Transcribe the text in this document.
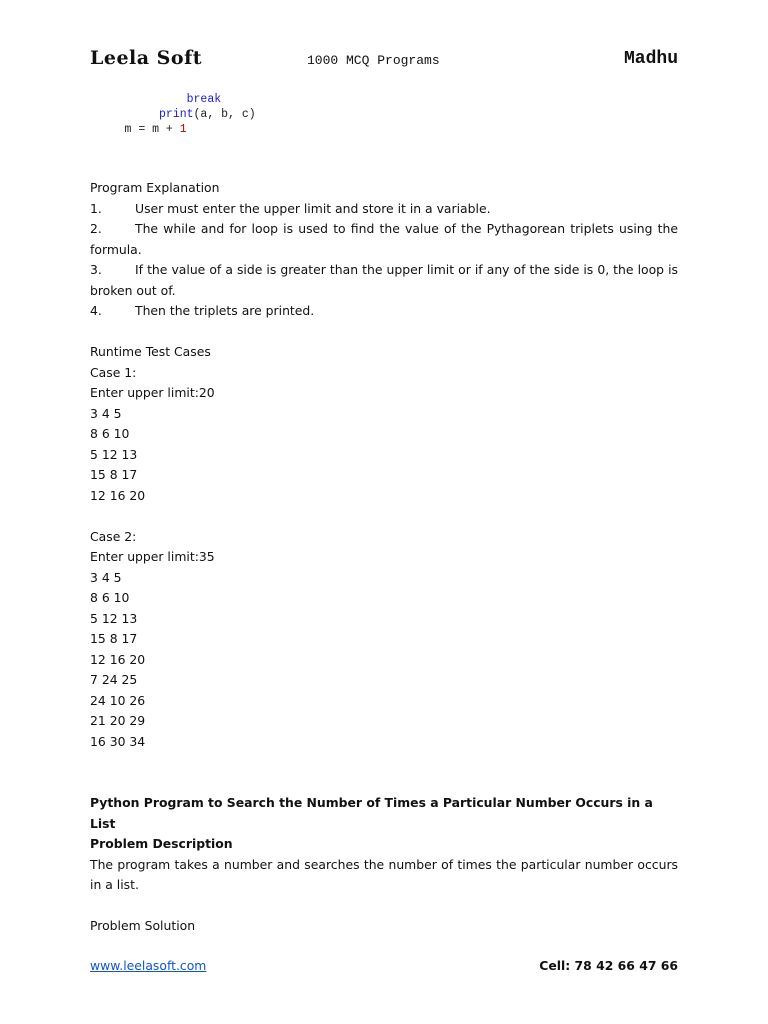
Leela Soft	1000 MCQ Programs	Madhu
break
print(a, b, c)
m = m + 1
Program Explanation
1.	User must enter the upper limit and store it in a variable.
2.	The while and for loop is used to find the value of the Pythagorean triplets using the formula.
3.	If the value of a side is greater than the upper limit or if any of the side is 0, the loop is broken out of.
4.	Then the triplets are printed.
Runtime Test Cases
Case 1:
Enter upper limit:20
3 4 5
8 6 10
5 12 13
15 8 17
12 16 20
Case 2:
Enter upper limit:35
3 4 5
8 6 10
5 12 13
15 8 17
12 16 20
7 24 25
24 10 26
21 20 29
16 30 34
Python Program to Search the Number of Times a Particular Number Occurs in a List
Problem Description
The program takes a number and searches the number of times the particular number occurs in a list.
Problem Solution
www.leelasoft.com	Cell: 78 42 66 47 66
